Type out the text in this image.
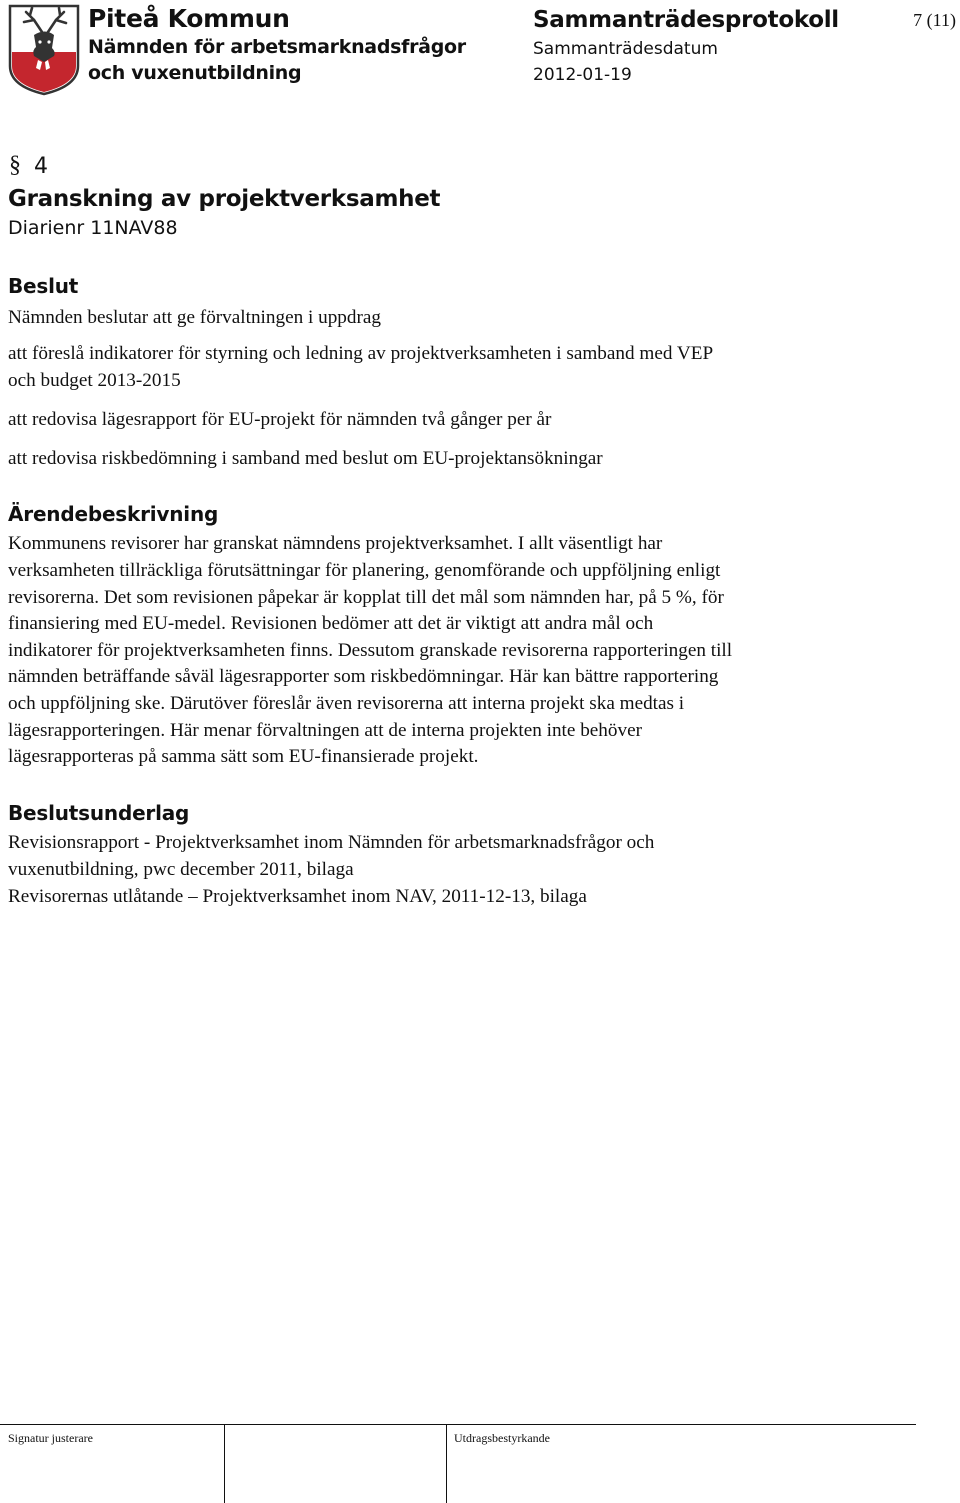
Piteå Kommun
Nämnden för arbetsmarknadsfrågor
och vuxenutbildning
Sammanträdesprotokoll
Sammanträdesdatum
2012-01-19
7 (11)
§ 4
Granskning av projektverksamhet
Diarienr 11NAV88
Beslut
Nämnden beslutar att ge förvaltningen i uppdrag
att föreslå indikatorer för styrning och ledning av projektverksamheten i samband med VEP
och budget 2013-2015
att redovisa lägesrapport för EU-projekt för nämnden två gånger per år
att redovisa riskbedömning i samband med beslut om EU-projektansökningar
Ärendebeskrivning
Kommunens revisorer har granskat nämndens projektverksamhet. I allt väsentligt har
verksamheten tillräckliga förutsättningar för planering, genomförande och uppföljning enligt
revisorerna. Det som revisionen påpekar är kopplat till det mål som nämnden har, på 5 %, för
finansiering med EU-medel. Revisionen bedömer att det är viktigt att andra mål och
indikatorer för projektverksamheten finns. Dessutom granskade revisorerna rapporteringen till
nämnden beträffande såväl lägesrapporter som riskbedömningar. Här kan bättre rapportering
och uppföljning ske. Därutöver föreslår även revisorerna att interna projekt ska medtas i
lägesrapporteringen. Här menar förvaltningen att de interna projekten inte behöver
lägesrapporteras på samma sätt som EU-finansierade projekt.
Beslutsunderlag
Revisionsrapport - Projektverksamhet inom Nämnden för arbetsmarknadsfrågor och
vuxenutbildning, pwc december 2011, bilaga
Revisorernas utlåtande – Projektverksamhet inom NAV, 2011-12-13, bilaga
Signatur justerare	Utdragsbestyrkande
